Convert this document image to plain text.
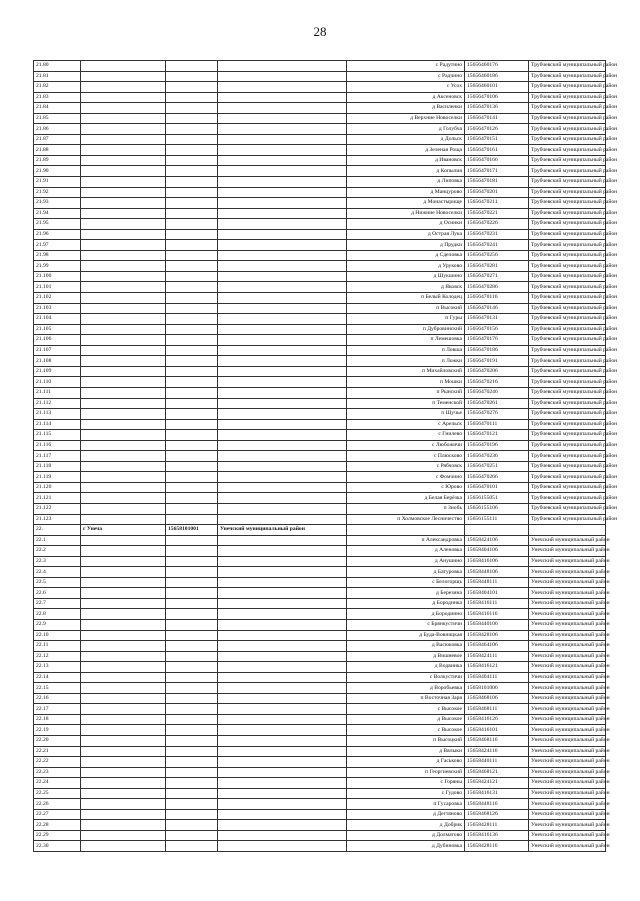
28
21.80				с Радутино	15656460176	Трубчевский муниципальный район
21.81				с Радчино	15656460186	Трубчевский муниципальный район
21.82				с Усох	15656460101	Трубчевский муниципальный район
21.83				д Аксеновск	15656470106	Трубчевский муниципальный район
21.84				д Василенки	15656470136	Трубчевский муниципальный район
21.85				д Верхние Новоселки	15656470141	Трубчевский муниципальный район
21.86				д Голубча	15656470126	Трубчевский муниципальный район
21.87				д Дольск	15656470151	Трубчевский муниципальный район
21.88				д Зеленая Роща	15656470161	Трубчевский муниципальный район
21.89				д Ивановск	15656470166	Трубчевский муниципальный район
21.90				д Копылия	15656470171	Трубчевский муниципальный район
21.91				д Липовка	15656470181	Трубчевский муниципальный район
21.92				д Манцурово	15656470201	Трубчевский муниципальный район
21.93				д Монастырище	15656470211	Трубчевский муниципальный район
21.94				д Нижние Новоселки	15656470221	Трубчевский муниципальный район
21.95				д Осинки	15656470226	Трубчевский муниципальный район
21.96				д Острая Лука	15656470231	Трубчевский муниципальный район
21.97				д Прудки	15656470241	Трубчевский муниципальный район
21.98				д Сделовка	15656470256	Трубчевский муниципальный район
21.99				д Уруково	15656470281	Трубчевский муниципальный район
21.100				д Шукшино	15656470271	Трубчевский муниципальный район
21.101				д Яковск	15656470286	Трубчевский муниципальный район
21.102				п Белый Колодец	15656470116	Трубчевский муниципальный район
21.103				п Высокий	15656470146	Трубчевский муниципальный район
21.104				п Гуры	15656470131	Трубчевский муниципальный район
21.105				п Дубровинский	15656470156	Трубчевский муниципальный район
21.106				п Лемешовка	15656470176	Трубчевский муниципальный район
21.107				п Ловша	15656470186	Трубчевский муниципальный район
21.108				п Ложки	15656470191	Трубчевский муниципальный район
21.109				п Михайловский	15656470206	Трубчевский муниципальный район
21.110				п Мошки	15656470216	Трубчевский муниципальный район
21.111				п Рынский	15656470246	Трубчевский муниципальный район
21.112				п Теменской	15656470261	Трубчевский муниципальный район
21.113				п Щучье	15656470276	Трубчевский муниципальный район
21.114				с Арельск	15656470111	Трубчевский муниципальный район
21.115				с Гнилево	15656470121	Трубчевский муниципальный район
21.116				с Любожичи	15656470196	Трубчевский муниципальный район
21.117				с Плюсково	15656470236	Трубчевский муниципальный район
21.118				с Рябчовск	15656470251	Трубчевский муниципальный район
21.119				с Фомчино	15656470266	Трубчевский муниципальный район
21.120				с Юрово	15656470101	Трубчевский муниципальный район
21.121				д Белая Берёзка	15656155051	Трубчевский муниципальный район
21.122				п Знобь	15656155106	Трубчевский муниципальный район
21.123				п Холмовское Лесничество	15656155111	Трубчевский муниципальный район
22.	г Унеча	15658101001	Унечский муниципальный район			
22.1				п Александровка	15658424106	Унечский муниципальный район
22.2				д Аленовка	15658404106	Унечский муниципальный район
22.3				д Анушино	15658416106	Унечский муниципальный район
22.4				д Батуровка	15658448106	Унечский муниципальный район
22.5				с Белогорщь	15658448111	Унечский муниципальный район
22.6				д Березина	15658404101	Унечский муниципальный район
22.7				д Бородинка	15658416111	Унечский муниципальный район
22.8				д Бородинно	15658416116	Унечский муниципальный район
22.9				с Брянкустичи	15658440106	Унечский муниципальный район
22.10				д Буда-Вовницкая	15658428106	Унечский муниципальный район
22.11				д Васюковка	15658464106	Унечский муниципальный район
22.12				д Вишневое	15658424111	Унечский муниципальный район
22.13				д Водвинка	15658416121	Унечский муниципальный район
22.14				с Волкустичи	15658404111	Унечский муниципальный район
22.15				д Воробьевка	15658101006	Унечский муниципальный район
22.16				п Восточная Заря	15658468106	Унечский муниципальный район
22.17				с Высокое	15658468111	Унечский муниципальный район
22.18				д Высокое	15658416126	Унечский муниципальный район
22.19				с Высокое	15658416101	Унечский муниципальный район
22.20				п Высоцкий	15658468116	Унечский муниципальный район
22.21				д Вялыки	15658424116	Унечский муниципальный район
22.22				д Гаськово	15658440111	Унечский муниципальный район
22.23				п Георгиевский	15658468121	Унечский муниципальный район
22.24				с Горяны	15658424121	Унечский муниципальный район
22.25				с Гудово	15658416131	Унечский муниципальный район
22.26				п Гусаровка	15658448116	Унечский муниципальный район
22.27				д Дегтяново	15658468126	Унечский муниципальный район
22.28				д Добрик	15658428111	Унечский муниципальный район
22.29				д Долматово	15658416136	Унечский муниципальный район
22.30				д Дубиновка	15658428116	Унечский муниципальный район
